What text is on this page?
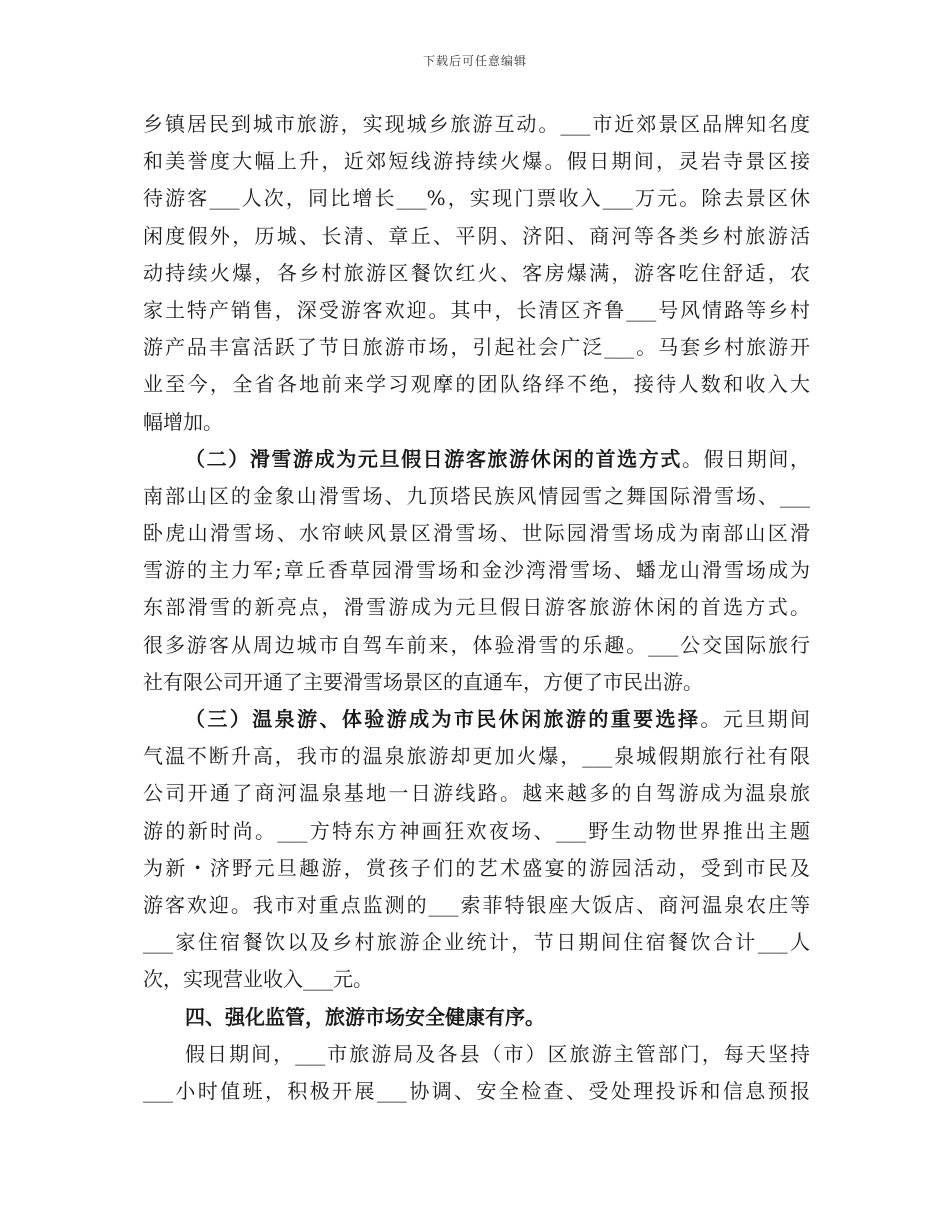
下载后可任意编辑
乡镇居民到城市旅游，实现城乡旅游互动。___市近郊景区品牌知名度
和美誉度大幅上升，近郊短线游持续火爆。假日期间，灵岩寺景区接
待游客___人次，同比增长___%，实现门票收入___万元。除去景区休
闲度假外，历城、长清、章丘、平阴、济阳、商河等各类乡村旅游活
动持续火爆，各乡村旅游区餐饮红火、客房爆满，游客吃住舒适，农
家土特产销售，深受游客欢迎。其中，长清区齐鲁___号风情路等乡村
游产品丰富活跃了节日旅游市场，引起社会广泛___。马套乡村旅游开
业至今，全省各地前来学习观摩的团队络绎不绝，接待人数和收入大
幅增加。
（二）滑雪游成为元旦假日游客旅游休闲的首选方式。假日期间，
南部山区的金象山滑雪场、九顶塔民族风情园雪之舞国际滑雪场、___
卧虎山滑雪场、水帘峡风景区滑雪场、世际园滑雪场成为南部山区滑
雪游的主力军;章丘香草园滑雪场和金沙湾滑雪场、蟠龙山滑雪场成为
东部滑雪的新亮点，滑雪游成为元旦假日游客旅游休闲的首选方式。
很多游客从周边城市自驾车前来，体验滑雪的乐趣。___公交国际旅行
社有限公司开通了主要滑雪场景区的直通车，方便了市民出游。
（三）温泉游、体验游成为市民休闲旅游的重要选择。元旦期间
气温不断升高，我市的温泉旅游却更加火爆，___泉城假期旅行社有限
公司开通了商河温泉基地一日游线路。越来越多的自驾游成为温泉旅
游的新时尚。___方特东方神画狂欢夜场、___野生动物世界推出主题
为新・济野元旦趣游，赏孩子们的艺术盛宴的游园活动，受到市民及
游客欢迎。我市对重点监测的___索菲特银座大饭店、商河温泉农庄等
___家住宿餐饮以及乡村旅游企业统计，节日期间住宿餐饮合计___人
次，实现营业收入___元。
四、强化监管，旅游市场安全健康有序。
假日期间，___市旅游局及各县（市）区旅游主管部门，每天坚持
___小时值班，积极开展___协调、安全检查、受处理投诉和信息预报
